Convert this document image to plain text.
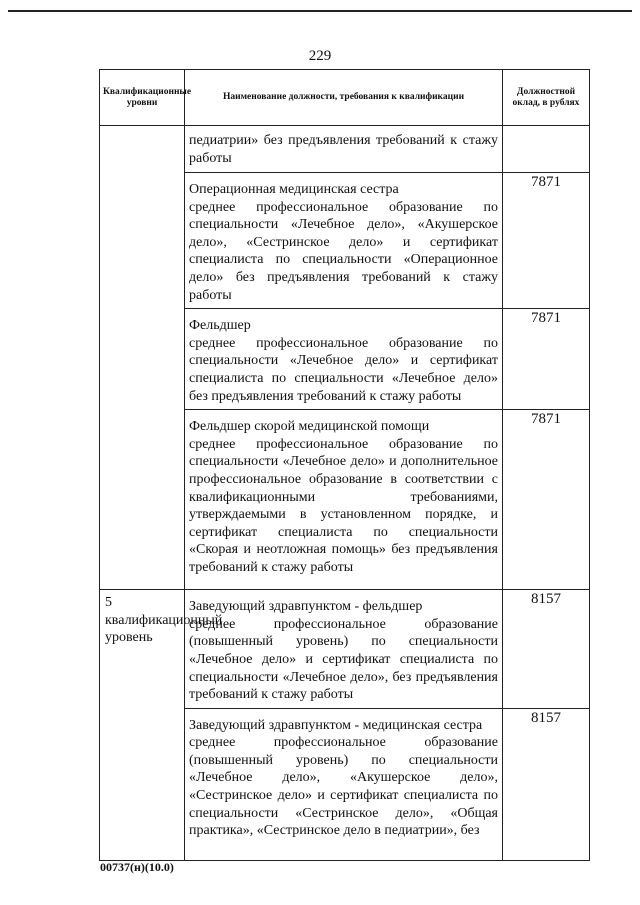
229
Квалификационные уровни	Наименование должности, требования к квалификации	Должностной оклад, в рублях

	педиатрии» без предъявления требований к стажу работы	

	Операционная медицинская сестра
среднее профессиональное образование по специальности «Лечебное дело», «Акушерское дело», «Сестринское дело» и сертификат специалиста по специальности «Операционное дело» без предъявления требований к стажу работы	7871

	Фельдшер
среднее профессиональное образование по специальности «Лечебное дело» и сертификат специалиста по специальности «Лечебное дело» без предъявления требований к стажу работы	7871

	Фельдшер скорой медицинской помощи
среднее профессиональное образование по специальности «Лечебное дело» и дополнительное профессиональное образование в соответствии с квалификационными требованиями, утверждаемыми в установленном порядке, и сертификат специалиста по специальности «Скорая и неотложная помощь» без предъявления требований к стажу работы	7871
5 квалификационный уровень	Заведующий здравпунктом - фельдшер
среднее профессиональное образование (повышенный уровень) по специальности «Лечебное дело» и сертификат специалиста по специальности «Лечебное дело», без предъявления требований к стажу работы	8157

	Заведующий здравпунктом - медицинская сестра
среднее профессиональное образование (повышенный уровень) по специальности «Лечебное дело», «Акушерское дело», «Сестринское дело» и сертификат специалиста по специальности «Сестринское дело», «Общая практика», «Сестринское дело в педиатрии», без	8157
00737(н)(10.0)
